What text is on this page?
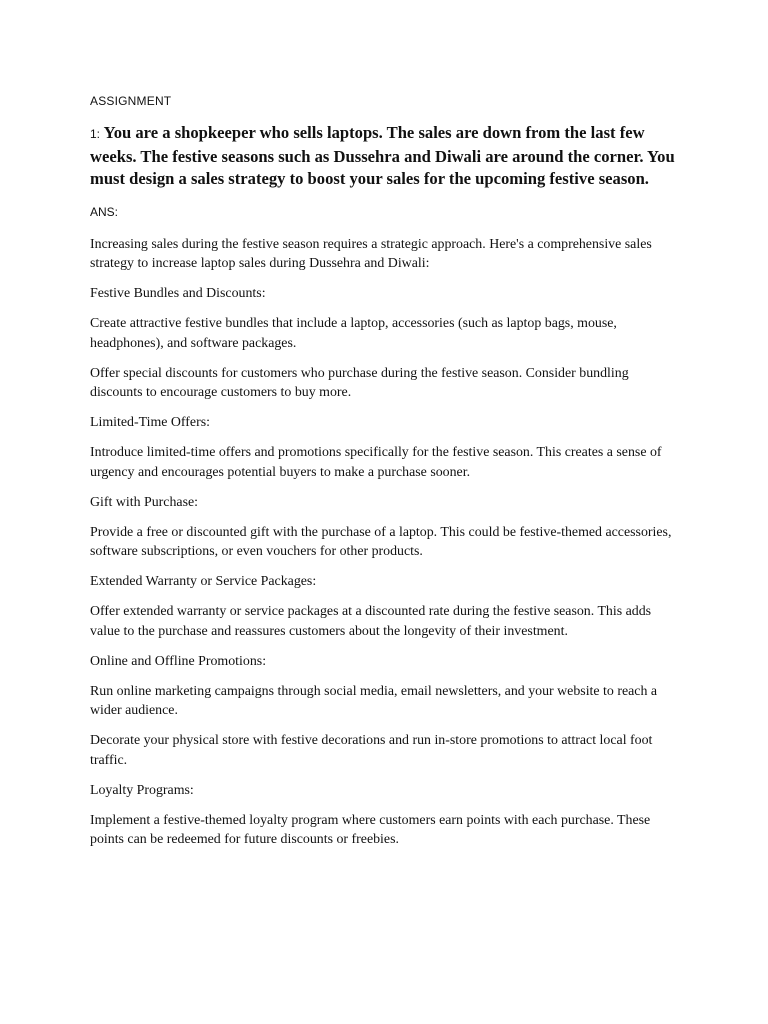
ASSIGNMENT
1: You are a shopkeeper who sells laptops. The sales are down from the last few weeks. The festive seasons such as Dussehra and Diwali are around the corner. You must design a sales strategy to boost your sales for the upcoming festive season.
ANS:

Increasing sales during the festive season requires a strategic approach. Here's a comprehensive sales strategy to increase laptop sales during Dussehra and Diwali:

Festive Bundles and Discounts:

Create attractive festive bundles that include a laptop, accessories (such as laptop bags, mouse, headphones), and software packages.

Offer special discounts for customers who purchase during the festive season. Consider bundling discounts to encourage customers to buy more.

Limited-Time Offers:

Introduce limited-time offers and promotions specifically for the festive season. This creates a sense of urgency and encourages potential buyers to make a purchase sooner.

Gift with Purchase:

Provide a free or discounted gift with the purchase of a laptop. This could be festive-themed accessories, software subscriptions, or even vouchers for other products.

Extended Warranty or Service Packages:

Offer extended warranty or service packages at a discounted rate during the festive season. This adds value to the purchase and reassures customers about the longevity of their investment.

Online and Offline Promotions:

Run online marketing campaigns through social media, email newsletters, and your website to reach a wider audience.

Decorate your physical store with festive decorations and run in-store promotions to attract local foot traffic.

Loyalty Programs:

Implement a festive-themed loyalty program where customers earn points with each purchase. These points can be redeemed for future discounts or freebies.
